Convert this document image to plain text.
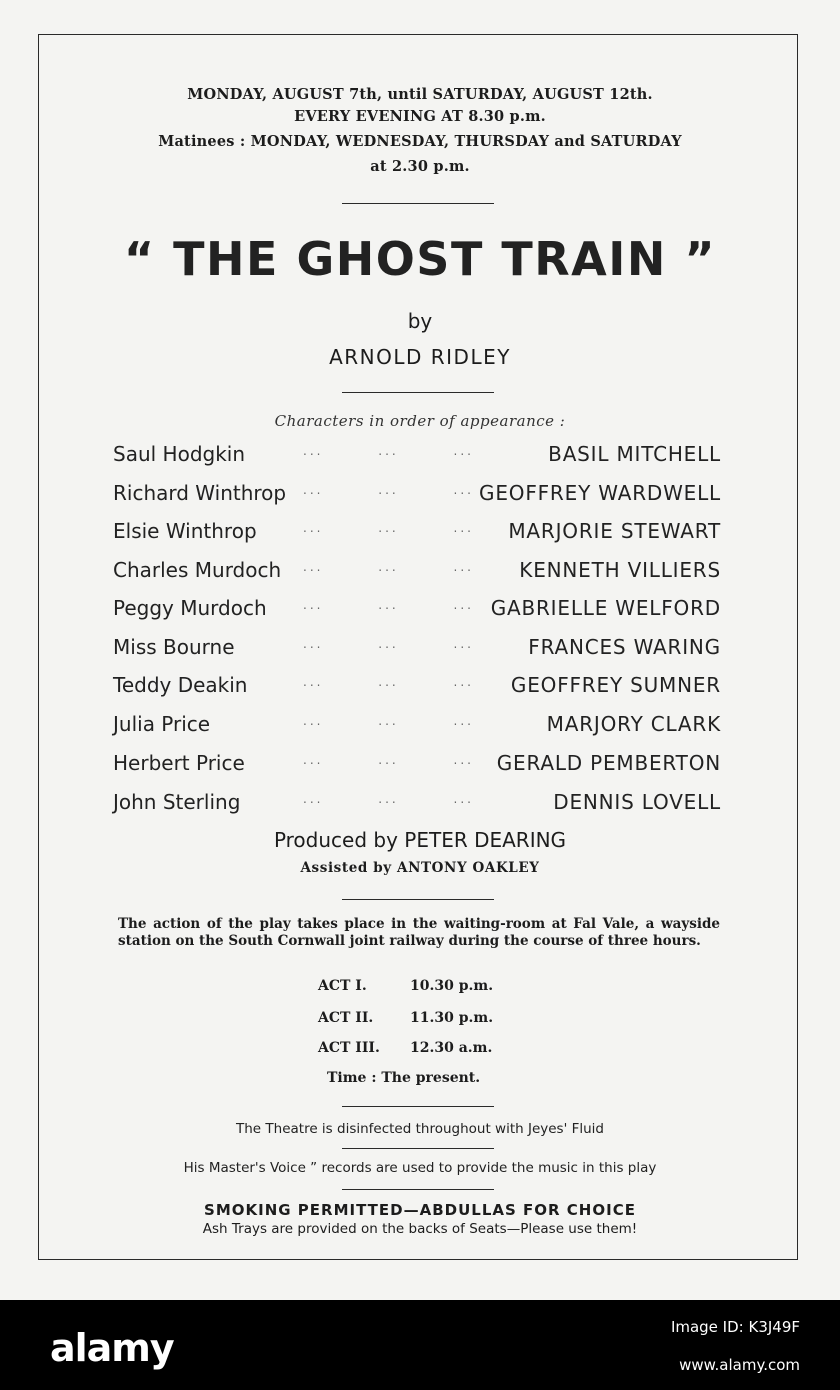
MONDAY, AUGUST 7th, until SATURDAY, AUGUST 12th.
EVERY EVENING AT 8.30 p.m.
Matinees : MONDAY, WEDNESDAY, THURSDAY and SATURDAY
at 2.30 p.m.
“ THE GHOST TRAIN ”
by
ARNOLD RIDLEY
Characters in order of appearance :
Saul Hodgkin	... ... ...	BASIL MITCHELL
Richard Winthrop ... ... ... GEOFFREY WARDWELL
Elsie Winthrop	... ... ...	MARJORIE STEWART
Charles Murdoch ... ... ...	KENNETH VILLIERS
Peggy Murdoch	... ... ... GABRIELLE WELFORD
Miss Bourne	... ... ...	FRANCES WARING
Teddy Deakin	... ... ...	GEOFFREY SUMNER
Julia Price	... ... ...	MARJORY CLARK
Herbert Price	... ... ...	GERALD PEMBERTON
John Sterling	... ... ...	DENNIS LOVELL
Produced by PETER DEARING
Assisted by ANTONY OAKLEY
The action of the play takes place in the waiting-room at Fal Vale, a wayside station on the South Cornwall joint railway during the course of three hours.
ACT I.	10.30 p.m.
ACT II.	11.30 p.m.
ACT III. 12.30 a.m.
Time : The present.
The Theatre is disinfected throughout with Jeyes' Fluid
His Master's Voice ” records are used to provide the music in this play
SMOKING PERMITTED—ABDULLAS FOR CHOICE
Ash Trays are provided on the backs of Seats—Please use them!
alamy	Image ID: K3J49F
www.alamy.com
